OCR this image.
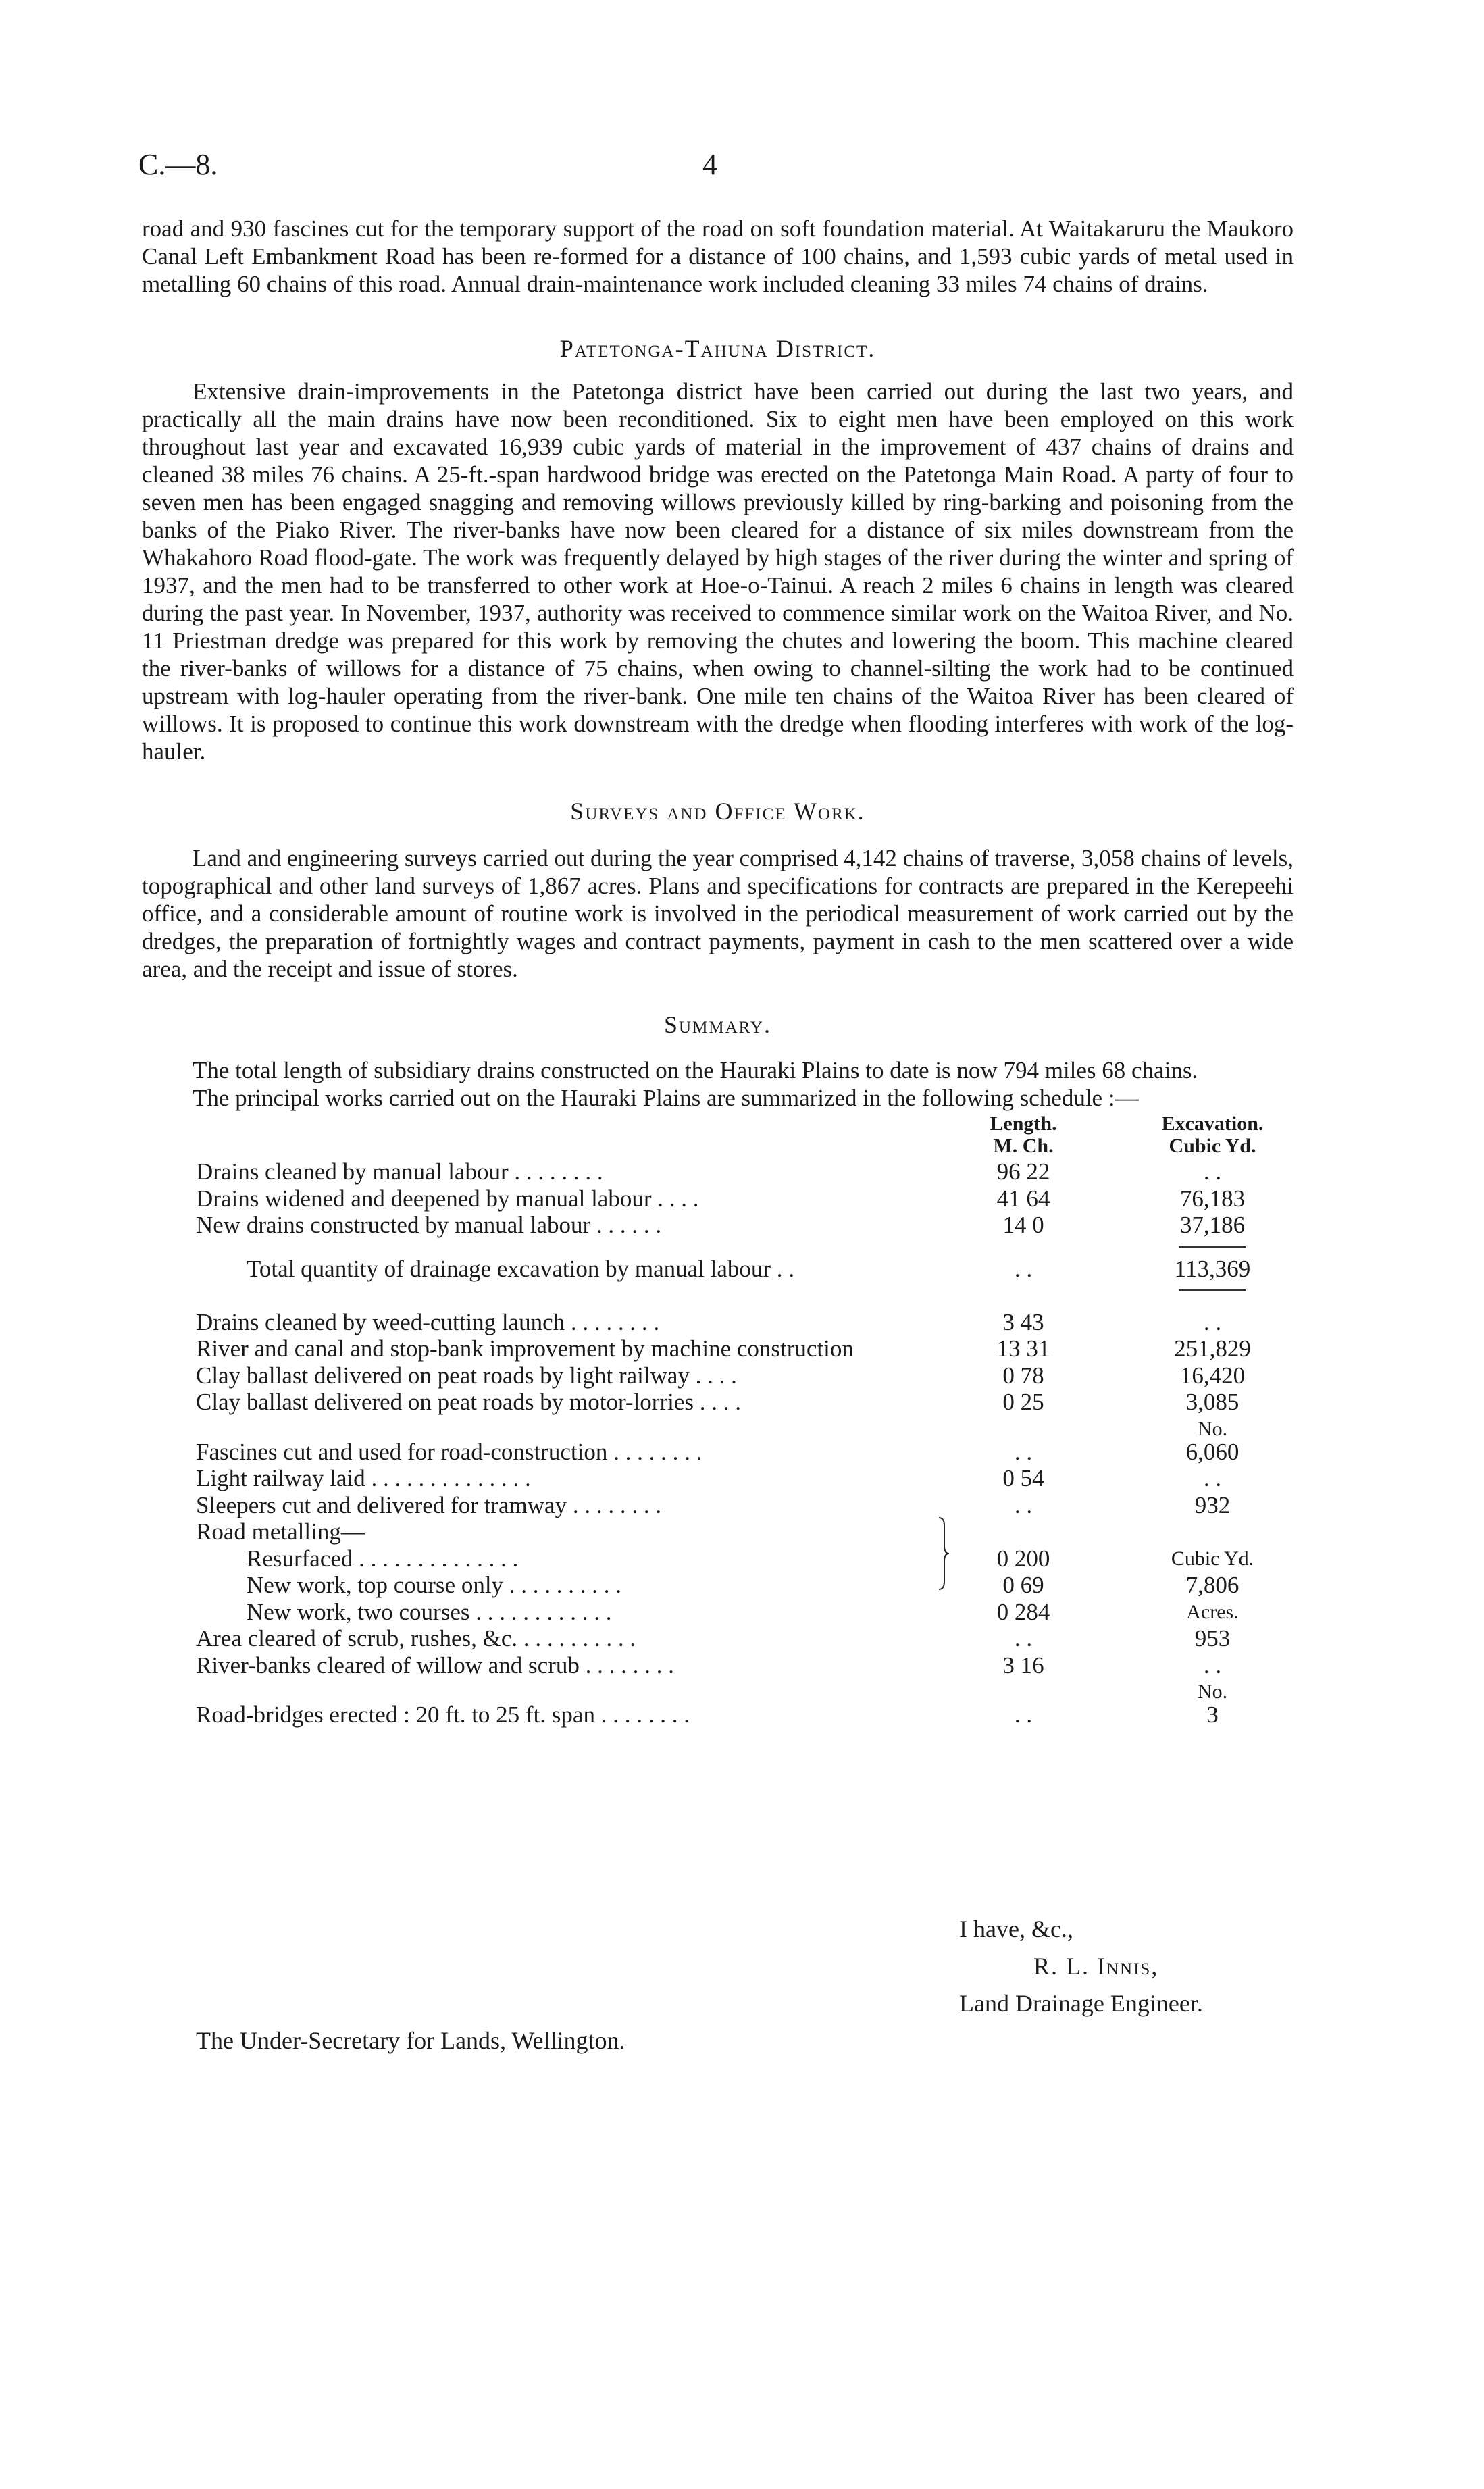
C.—8.	4

road and 930 fascines cut for the temporary support of the road on soft foundation material. At Waitakaruru the Maukoro Canal Left Embankment Road has been re-formed for a distance of 100 chains, and 1,593 cubic yards of metal used in metalling 60 chains of this road. Annual drain-maintenance work included cleaning 33 miles 74 chains of drains.

Patetonga-Tahuna District.

Extensive drain-improvements in the Patetonga district have been carried out during the last two years, and practically all the main drains have now been reconditioned. Six to eight men have been employed on this work throughout last year and excavated 16,939 cubic yards of material in the improvement of 437 chains of drains and cleaned 38 miles 76 chains. A 25-ft.-span hardwood bridge was erected on the Patetonga Main Road. A party of four to seven men has been engaged snagging and removing willows previously killed by ring-barking and poisoning from the banks of the Piako River. The river-banks have now been cleared for a distance of six miles downstream from the Whakahoro Road flood-gate. The work was frequently delayed by high stages of the river during the winter and spring of 1937, and the men had to be transferred to other work at Hoe-o-Tainui. A reach 2 miles 6 chains in length was cleared during the past year. In November, 1937, authority was received to commence similar work on the Waitoa River, and No. 11 Priestman dredge was prepared for this work by removing the chutes and lowering the boom. This machine cleared the river-banks of willows for a distance of 75 chains, when owing to channel-silting the work had to be continued upstream with log-hauler operating from the river-bank. One mile ten chains of the Waitoa River has been cleared of willows. It is proposed to continue this work downstream with the dredge when flooding interferes with work of the log-hauler.

Surveys and Office Work.

Land and engineering surveys carried out during the year comprised 4,142 chains of traverse, 3,058 chains of levels, topographical and other land surveys of 1,867 acres. Plans and specifications for contracts are prepared in the Kerepeehi office, and a considerable amount of routine work is involved in the periodical measurement of work carried out by the dredges, the preparation of fortnightly wages and contract payments, payment in cash to the men scattered over a wide area, and the receipt and issue of stores.

Summary.

The total length of subsidiary drains constructed on the Hauraki Plains to date is now 794 miles 68 chains.

The principal works carried out on the Hauraki Plains are summarized in the following schedule :—

Length.	Excavation.
M. Ch.	Cubic Yd.
Drains cleaned by manual labour . . . . . . . .	96 22	. .
Drains widened and deepened by manual labour . . . .	41 64	76,183
New drains constructed by manual labour . . . . . .	14 0	37,186
Total quantity of drainage excavation by manual labour . .	. .	113,369
Drains cleaned by weed-cutting launch . . . . . . . .	3 43	. .
River and canal and stop-bank improvement by machine construction	13 31	251,829
Clay ballast delivered on peat roads by light railway . . . .	0 78	16,420
Clay ballast delivered on peat roads by motor-lorries . . . .	0 25	3,085
No.
Fascines cut and used for road-construction . . . . . . . .	. .	6,060
Light railway laid . . . . . . . . . . . . . .	0 54	. .
Sleepers cut and delivered for tramway . . . . . . . .	. .	932
Road metalling—
Resurfaced . . . . . . . . . . . . . .	0 200	Cubic Yd.
New work, top course only . . . . . . . . . .	0 69	7,806
New work, two courses . . . . . . . . . . . .	0 284	Acres.
Area cleared of scrub, rushes, &c. . . . . . . . . . .	. .	953
River-banks cleared of willow and scrub . . . . . . . .	3 16	. .
No.
Road-bridges erected : 20 ft. to 25 ft. span . . . . . . . .	. .	3
I have, &c.,
R. L. Innis,
Land Drainage Engineer.
The Under-Secretary for Lands, Wellington.
